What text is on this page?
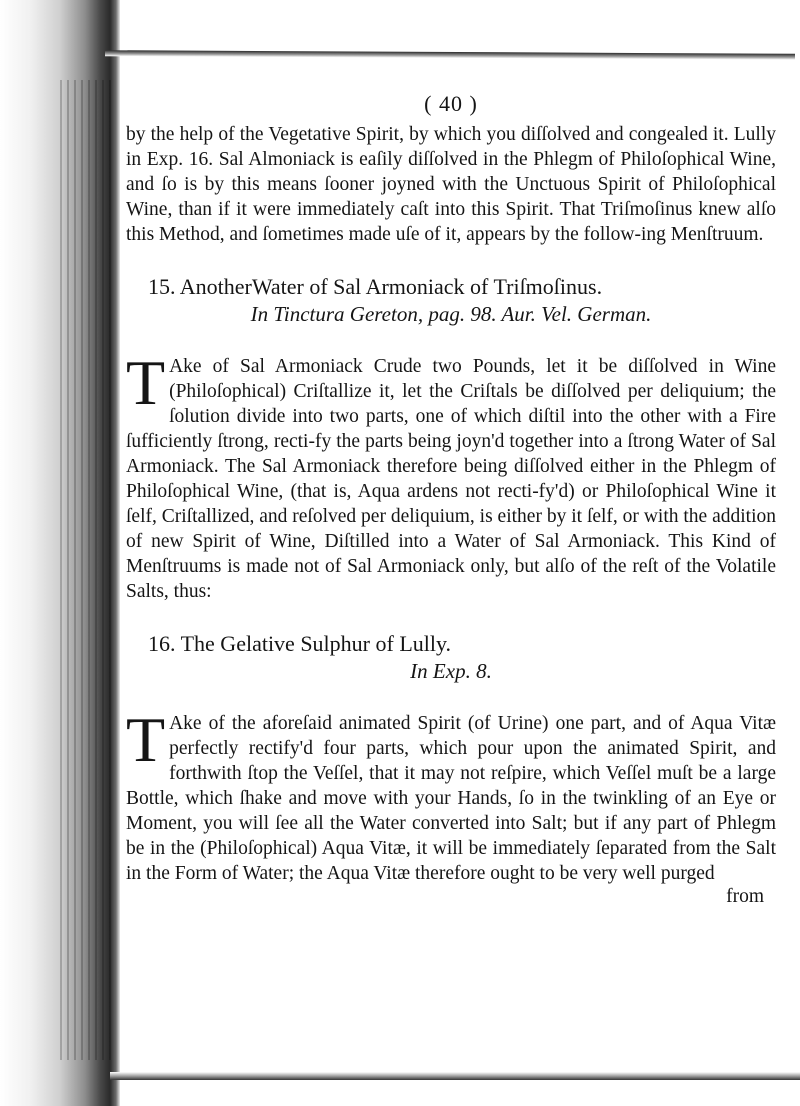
( 40 )

by the help of the Vegetative Spirit, by which you diſſolved and congealed it. Lully in Exp. 16. Sal Almoniack is eaſily diſſolved in the Phlegm of Philoſophical Wine, and ſo is by this means ſooner joyned with the Unctuous Spirit of Philoſophical Wine, than if it were immediately caſt into this Spirit. That Triſmoſinus knew alſo this Method, and ſometimes made uſe of it, appears by the follow-ing Menſtruum.

15. AnotherWater of Sal Armoniack of Triſmoſinus.
In Tinctura Gereton, pag. 98. Aur. Vel. German.
T Ake of Sal Armoniack Crude two Pounds, let it be diſſolved in Wine (Philoſophical) Criſtallize it, let the Criſtals be diſſolved per deliquium; the ſolution divide into two parts, one of which diſtil into the other with a Fire ſufficiently ſtrong, recti-fy the parts being joyn'd together into a ſtrong Water of Sal Armoniack. The Sal Armoniack therefore being diſſolved either in the Phlegm of Philoſophical Wine, (that is, Aqua ardens not recti-fy'd) or Philoſophical Wine it ſelf, Criſtallized, and reſolved per deliquium, is either by it ſelf, or with the addition of new Spirit of Wine, Diſtilled into a Water of Sal Armoniack. This Kind of Menſtruums is made not of Sal Armoniack only, but alſo of the reſt of the Volatile Salts, thus:
16. The Gelative Sulphur of Lully.
In Exp. 8.
T Ake of the aforeſaid animated Spirit (of Urine) one part, and of Aqua Vitæ perfectly rectify'd four parts, which pour upon the animated Spirit, and forthwith ſtop the Veſſel, that it may not reſpire, which Veſſel muſt be a large Bottle, which ſhake and move with your Hands, ſo in the twinkling of an Eye or Moment, you will ſee all the Water converted into Salt; but if any part of Phlegm be in the (Philoſophical) Aqua Vitæ, it will be immediately ſeparated from the Salt in the Form of Water; the Aqua Vitæ therefore ought to be very well purged
from
